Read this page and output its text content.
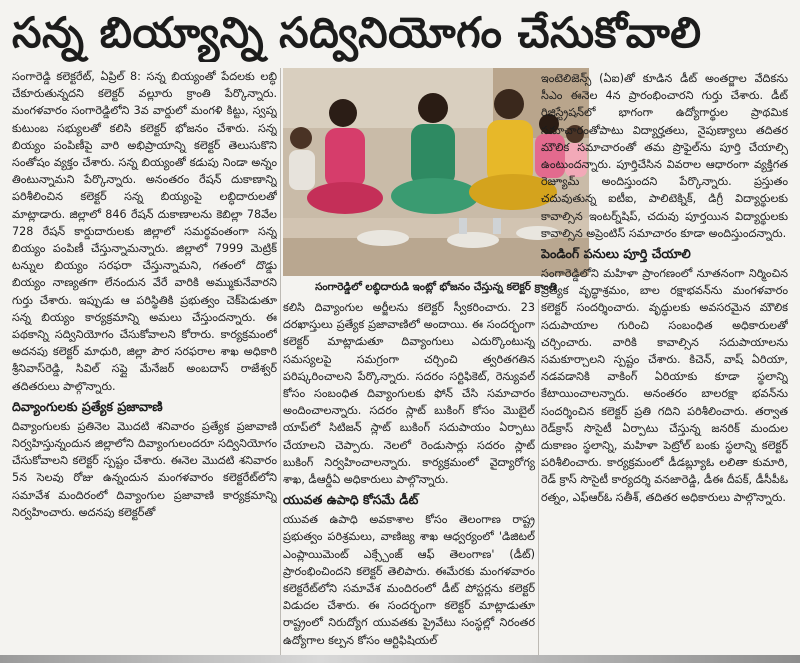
సన్న బియ్యాన్ని సద్వినియోగం చేసుకోవాలి

సంగారెడ్డి కలెక్టరేట్, ఏప్రిల్ 8: సన్న బియ్యంతో పేదలకు లబ్ధి చేకూరుతున్నదని కలెక్టర్ వల్లూరు క్రాంతి పేర్కొన్నారు. మంగళవారం సంగారెడ్డిలోని 3వ వార్డులో మంగళి కిట్టు, స్వప్న కుటుంబ సభ్యులతో కలిసి కలెక్టర్ భోజనం చేశారు. సన్న బియ్యం పంపిణీపై వారి అభిప్రాయాన్ని కలెక్టర్ తెలుసుకొని సంతోషం వ్యక్తం చేశారు. సన్న బియ్యంతో కడుపు నిండా అన్నం తింటున్నామని పేర్కొన్నారు. అనంతరం రేషన్ దుకాణాన్ని పరిశీలించిన కలెక్టర్ సన్న బియ్యంపై లబ్ధిదారులతో మాట్లాడారు. జిల్లాలో 846 రేషన్ దుకాణాలను కెబిల్లా 78వేల 728 రేషన్ కార్డుదారులకు జిల్లాలో సమర్థవంతంగా సన్న బియ్యం పంపిణీ చేస్తున్నామన్నారు. జిల్లాలో 7999 మెట్రిక్ టన్నుల బియ్యం సరఫరా చేస్తున్నామని, గతంలో దొడ్డు బియ్యం నాణ్యతగా లేనందున వేరే వారికి అమ్ముకునేవారని గుర్తు చేశారు. ఇప్పుడు ఆ పరిస్థితికి ప్రభుత్వం చెక్‌పెడుతూ సన్న బియ్యం కార్యక్రమాన్ని అమలు చేస్తుందన్నారు. ఈ పథకాన్ని సద్వినియోగం చేసుకోవాలని కోరారు. కార్యక్రమంలో అదనపు కలెక్టర్ మాధురి, జిల్లా పౌర సరఫరాల శాఖ అధికారి శ్రీనివాస్‌రెడ్డి, సివిల్ సప్లై మేనేజర్ అంబదాస్ రాజేశ్వర్ తదితరులు పాల్గొన్నారు.

దివ్యాంగులకు ప్రత్యేక ప్రజావాణి

దివ్యాంగులకు ప్రతినెల మొదటి శనివారం ప్రత్యేక ప్రజావాణి నిర్వహిస్తున్నందున జిల్లాలోని దివ్యాంగులందరూ సద్వినియోగం చేసుకోవాలని కలెక్టర్ స్పష్టం చేశారు. ఈనెల మొదటి శనివారం 5న సెలవు రోజు ఉన్నందున మంగళవారం కలెక్టరేట్‌లోని సమావేశ మందిరంలో దివ్యాంగుల ప్రజావాణి కార్యక్రమాన్ని నిర్వహించారు. అదనపు కలెక్టర్‌తో

సంగారెడ్డిలో లబ్ధిదారుడి ఇంట్లో భోజనం చేస్తున్న కలెక్టర్ క్రాంతి

కలిసి దివ్యాంగుల అర్జీలను కలెక్టర్ స్వీకరించారు. 23 దరఖాస్తులు ప్రత్యేక ప్రజావాణిలో అందాయి. ఈ సందర్భంగా కలెక్టర్ మాట్లాడుతూ దివ్యాంగులు ఎదుర్కొంటున్న సమస్యలపై సమగ్రంగా చర్చించి త్వరితగతిన పరిష్కరించాలని పేర్కొన్నారు. సదరం సర్టిఫికెట్, రెన్యువల్ కోసం సంబంధిత దివ్యాంగులకు ఫోన్ చేసి సమాచారం అందించాలన్నారు. సదరం స్లాట్ బుకింగ్ కోసం మొబైల్ యాప్‌లో సిటిజన్ స్లాట్ బుకింగ్ సదుపాయం ఏర్పాటు చేయాలని చెప్పారు. నెలలో రెండుసార్లు సదరం స్లాట్ బుకింగ్ నిర్వహించాలన్నారు. కార్యక్రమంలో వైద్యారోగ్య శాఖ, డీఆర్డీఏ అధికారులు పాల్గొన్నారు.

యువత ఉపాధి కోసమే డీట్

యువత ఉపాధి అవకాశాల కోసం తెలంగాణ రాష్ట్ర ప్రభుత్వం పరిశ్రమలు, వాణిజ్య శాఖ ఆధ్వర్యంలో 'డిజిటల్ ఎంప్లాయిమెంట్ ఎక్స్చేంజ్ ఆఫ్ తెలంగాణ' (డీట్) ప్రారంభించిందని కలెక్టర్ తెలిపారు. ఈమేరకు మంగళవారం కలెక్టరేట్‌లోని సమావేశ మందిరంలో డీట్ పోస్టర్లను కలెక్టర్ విడుదల చేశారు. ఈ సందర్భంగా కలెక్టర్ మాట్లాడుతూ రాష్ట్రంలో నిరుద్యోగ యువతకు ప్రైవేటు సంస్థల్లో నిరంతర ఉద్యోగాల కల్పన కోసం ఆర్టిఫిషియల్

ఇంటెలిజెన్స్ (ఏఐ)తో కూడిన డీట్ అంతర్జాల వేదికను సీఎం ఈనెల 4న ప్రారంభించారని గుర్తు చేశారు. డీట్ రిజిస్ట్రేషన్‌లో భాగంగా ఉద్యోగార్థుల ప్రాథమిక సమాచారంతోపాటు విద్యార్హతలు, నైపుణ్యాలు తదితర మౌలిక సమాచారంతో తమ ప్రొఫైల్‌ను పూర్తి చేయాల్సి ఉంటుందన్నారు. పూర్తిచేసిన వివరాల ఆధారంగా వ్యక్తిగత రెజ్యూమ్ అందిస్తుందని పేర్కొన్నారు. ప్రస్తుతం చదువుతున్న ఐటీఐ, పాలిటెక్నిక్, డిగ్రీ విద్యార్థులకు కావాల్సిన ఇంటర్న్‌షిప్, చదువు పూర్తయిన విద్యార్థులకు కావాల్సిన అప్రెంటిస్ సమాచారం కూడా అందిస్తుందన్నారు.

పెండింగ్ పనులు పూర్తి చేయాలి

సంగారెడ్డిలోని మహిళా ప్రాంగణంలో నూతనంగా నిర్మించిన ప్రత్యేక వృద్ధాశ్రమం, బాల రక్షాభవన్‌ను మంగళవారం కలెక్టర్ సందర్శించారు. వృద్ధులకు అవసరమైన మౌలిక సదుపాయాల గురించి సంబంధిత అధికారులతో చర్చించారు. వారికి కావాల్సిన సదుపాయాలను సమకూర్చాలని స్పష్టం చేశారు. కిచెన్, వాష్ ఏరియా, నడవడానికి వాకింగ్ ఏరియాకు కూడా స్థలాన్ని కేటాయించాలన్నారు. అనంతరం బాలరక్షా భవన్‌ను సందర్శించిన కలెక్టర్ ప్రతి గదిని పరిశీలించారు. తర్వాత రెడ్‌క్రాస్ సొసైటీ ఏర్పాటు చేస్తున్న జనరిక్ మందుల దుకాణం స్థలాన్ని, మహిళా పెట్రోల్ బంకు స్థలాన్ని కలెక్టర్ పరిశీలించారు. కార్యక్రమంలో డీడబ్ల్యూఓ లలితా కుమారి, రెడ్ క్రాస్ సొసైటీ కార్యదర్శి వనజారెడ్డి, డీఈ దీపక్, డీసీపీఓ రత్నం, ఎఫ్ఆర్ఓ సతీశ్, తదితర అధికారులు పాల్గొన్నారు.
